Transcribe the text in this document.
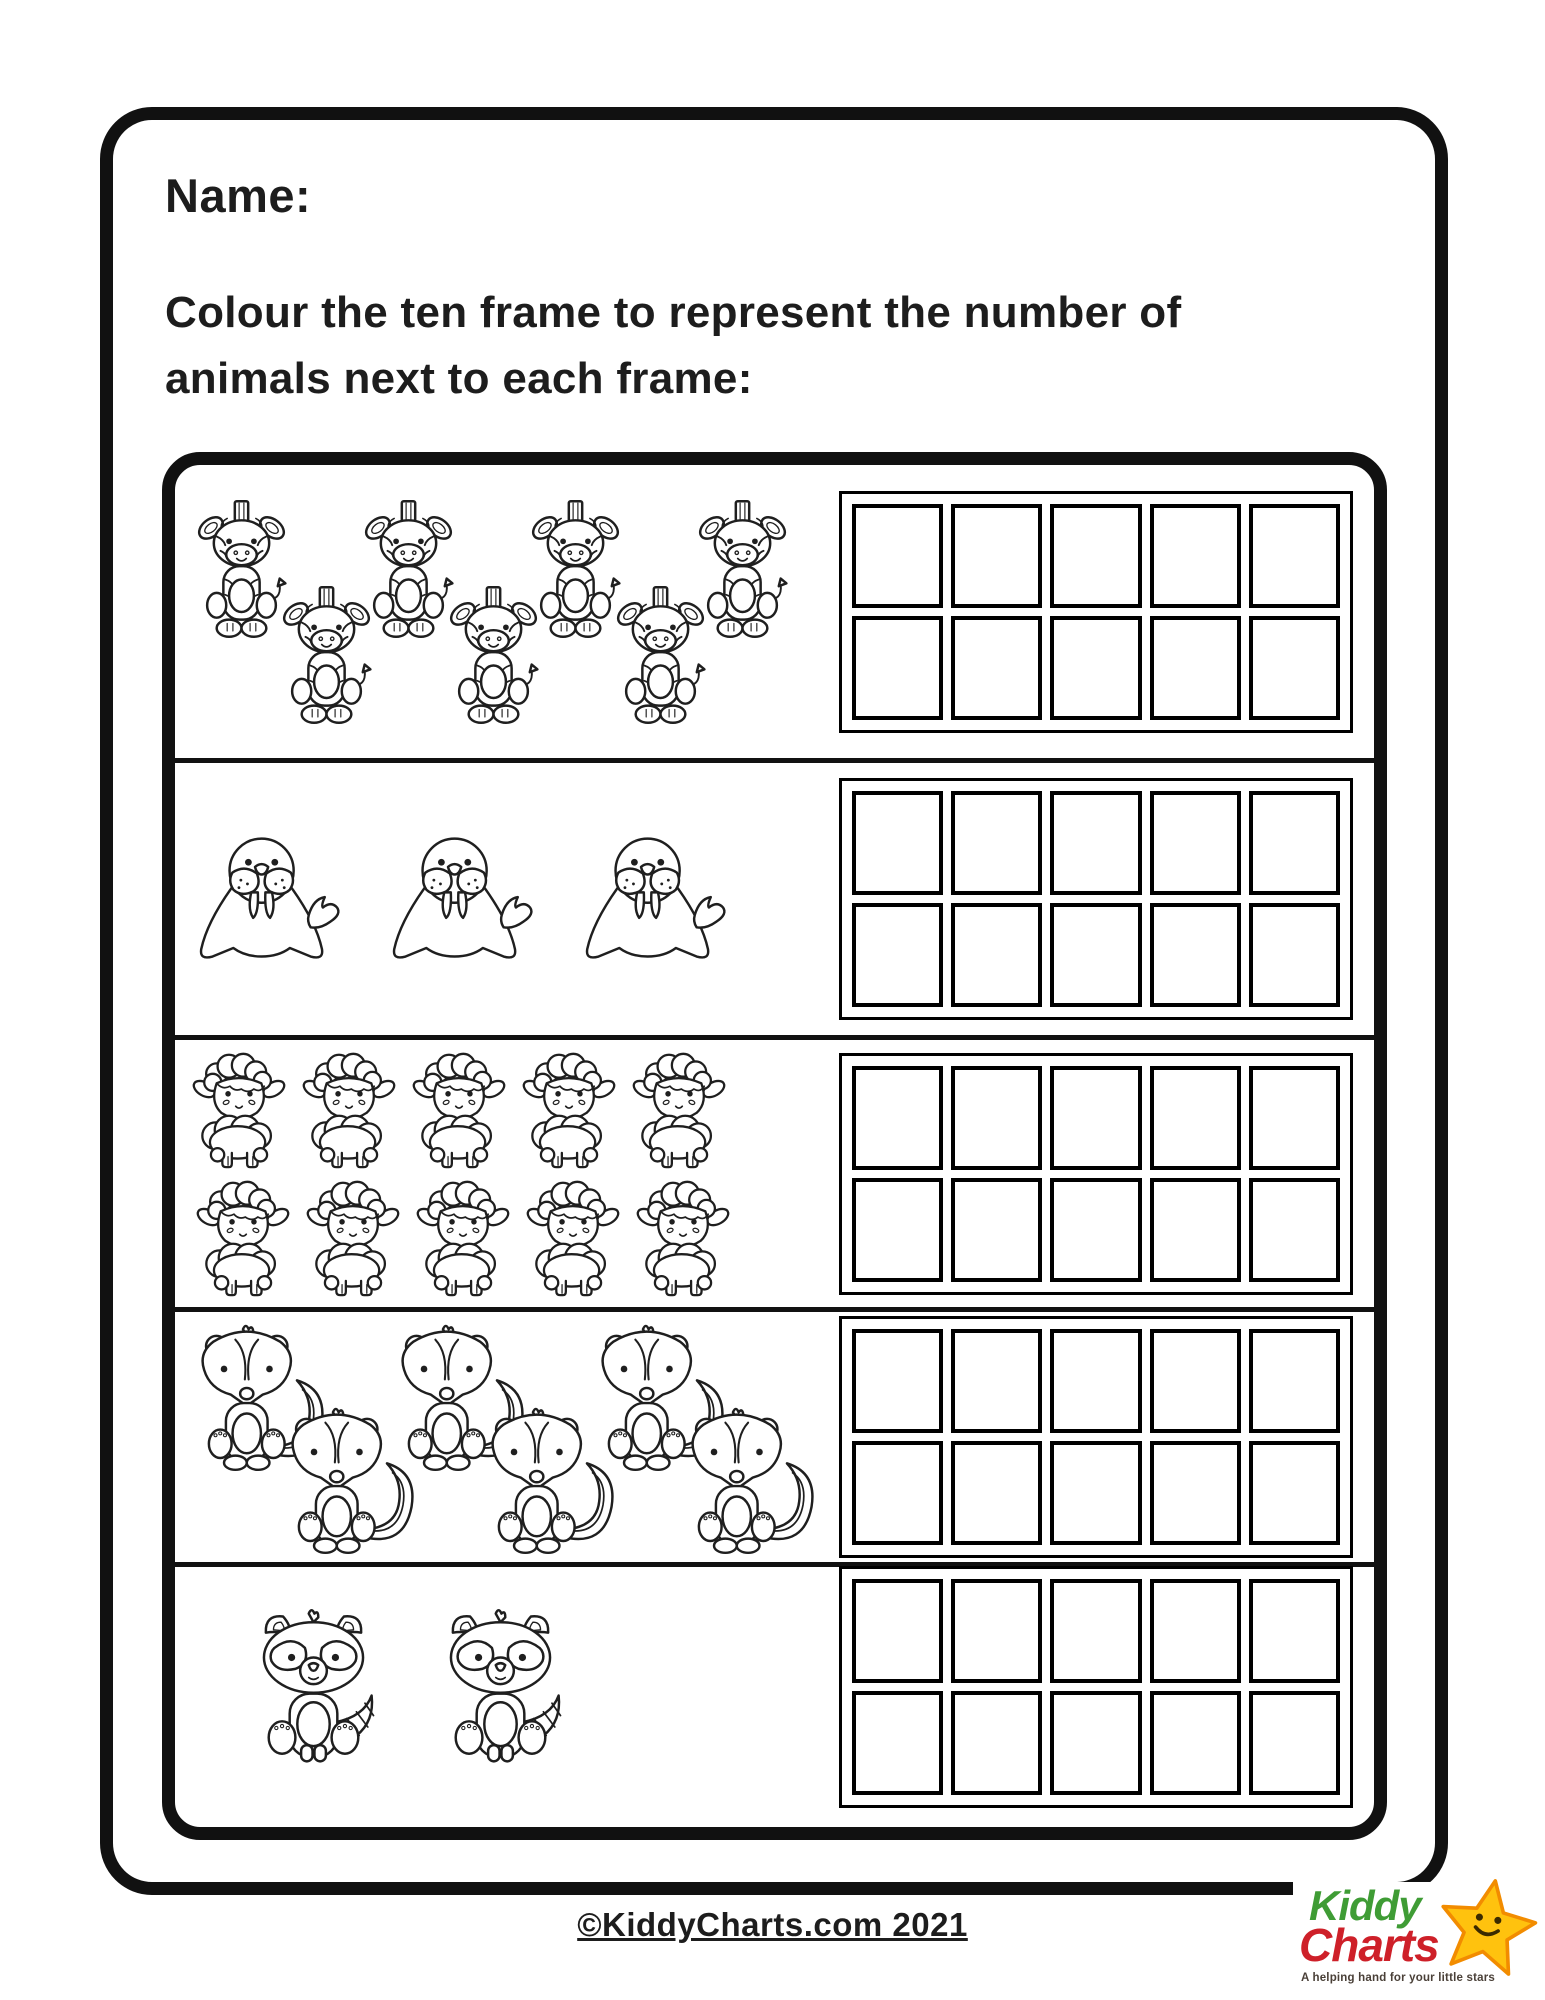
Name:
Colour the ten frame to represent the number of animals next to each frame:
©KiddyCharts.com 2021	Kiddy
Charts
A helping hand for your little stars
